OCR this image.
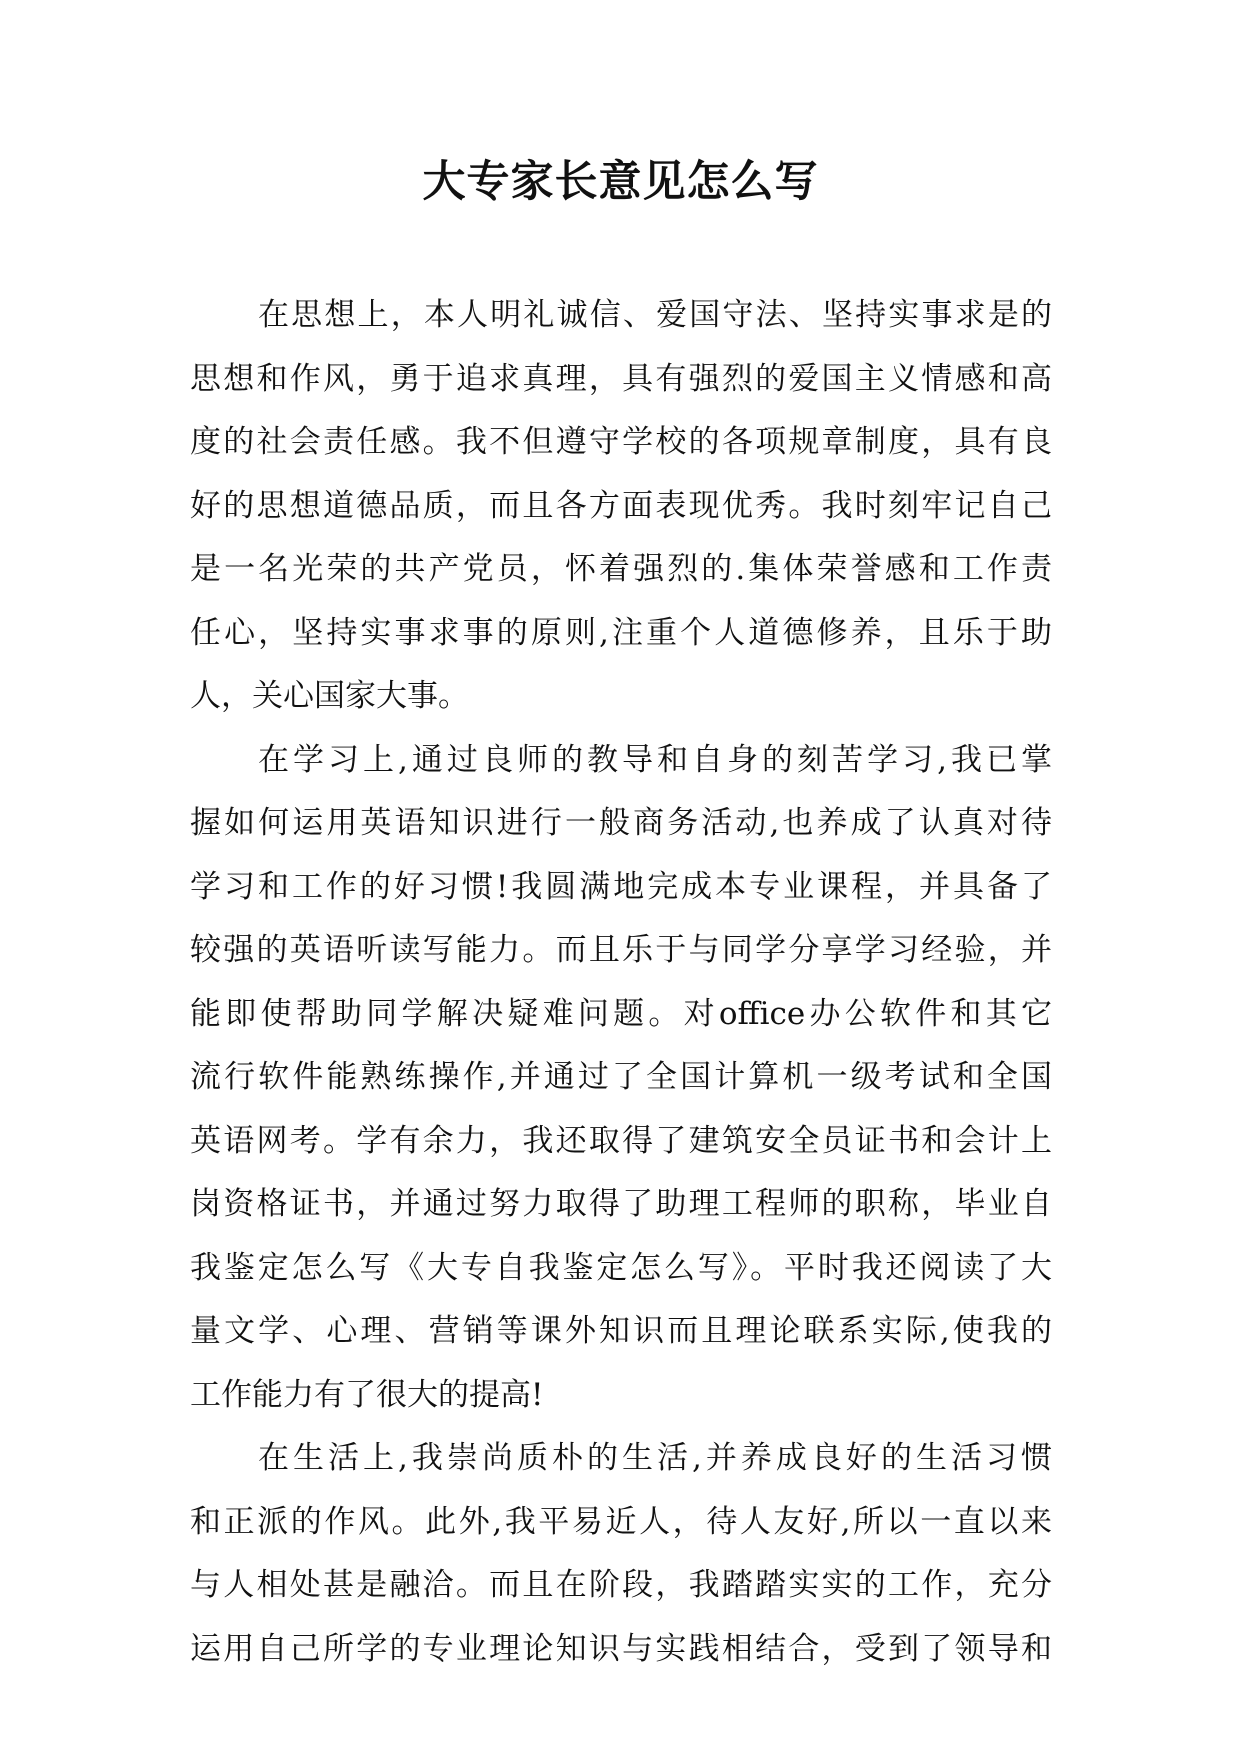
大专家长意见怎么写
在思想上，本人明礼诚信、爱国守法、坚持实事求是的
思想和作风，勇于追求真理，具有强烈的爱国主义情感和高
度的社会责任感。我不但遵守学校的各项规章制度，具有良
好的思想道德品质，而且各方面表现优秀。我时刻牢记自己
是一名光荣的共产党员，怀着强烈的.集体荣誉感和工作责
任心，坚持实事求事的原则,注重个人道德修养，且乐于助
人，关心国家大事。
在学习上,通过良师的教导和自身的刻苦学习,我已掌
握如何运用英语知识进行一般商务活动,也养成了认真对待
学习和工作的好习惯!我圆满地完成本专业课程，并具备了
较强的英语听读写能力。而且乐于与同学分享学习经验，并
能即使帮助同学解决疑难问题。对office办公软件和其它
流行软件能熟练操作,并通过了全国计算机一级考试和全国
英语网考。学有余力，我还取得了建筑安全员证书和会计上
岗资格证书，并通过努力取得了助理工程师的职称，毕业自
我鉴定怎么写《大专自我鉴定怎么写》。平时我还阅读了大
量文学、心理、营销等课外知识而且理论联系实际,使我的
工作能力有了很大的提高!
在生活上,我崇尚质朴的生活,并养成良好的生活习惯
和正派的作风。此外,我平易近人，待人友好,所以一直以来
与人相处甚是融洽。而且在阶段，我踏踏实实的工作，充分
运用自己所学的专业理论知识与实践相结合，受到了领导和
